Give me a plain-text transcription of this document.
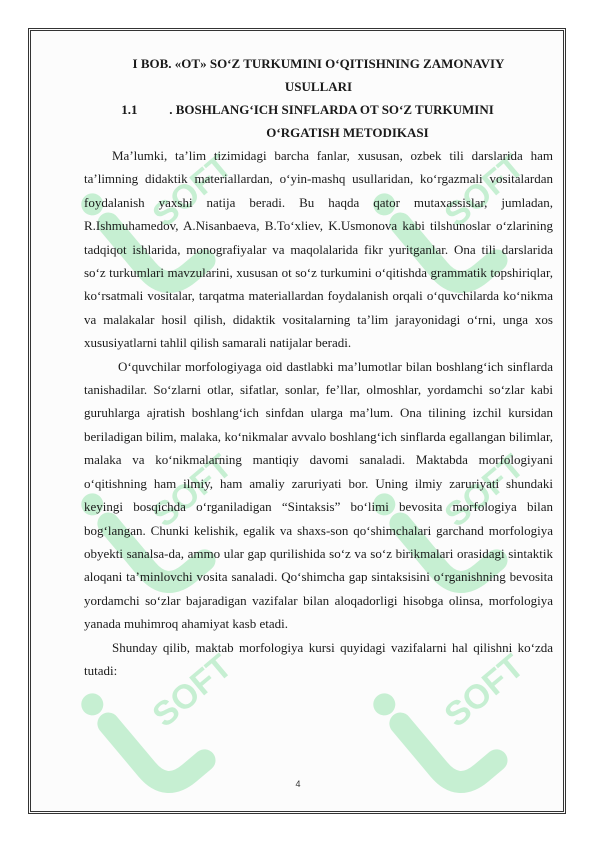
SOFT	SOFT
SOFT	SOFT
SOFT	SOFT
I BOB. «OT» SO‘Z TURKUMINI O‘QITISHNING ZAMONAVIY
USULLARI
1.1 . BOSHLANG‘ICH SINFLARDA OT SO‘Z TURKUMINI
O‘RGATISH METODIKASI

Ma’lumki, ta’lim tizimidagi barcha fanlar, xususan, ozbek tili darslarida ham ta’limning didaktik materiallardan, o‘yin-mashq usullaridan, ko‘rgazmali vositalardan foydalanish yaxshi natija beradi. Bu haqda qator mutaxassislar, jumladan, R.Ishmuhamedov, A.Nisanbaeva, B.To‘xliev, K.Usmonova kabi tilshunoslar o‘zlarining tadqiqot ishlarida, monografiyalar va maqolalarida fikr yuritganlar. Ona tili darslarida so‘z turkumlari mavzularini, xususan ot so‘z turkumini o‘qitishda grammatik topshiriqlar, ko‘rsatmali vositalar, tarqatma materiallardan foydalanish orqali o‘quvchilarda ko‘nikma va malakalar hosil qilish, didaktik vositalarning ta’lim jarayonidagi o‘rni, unga xos xususiyatlarni tahlil qilish samarali natijalar beradi.

O‘quvchilar morfologiyaga oid dastlabki ma’lumotlar bilan boshlang‘ich sinflarda tanishadilar. So‘zlarni otlar, sifatlar, sonlar, fe’llar, olmoshlar, yordamchi so‘zlar kabi guruhlarga ajratish boshlang‘ich sinfdan ularga ma’lum. Ona tilining izchil kursidan beriladigan bilim, malaka, ko‘nikmalar avvalo boshlang‘ich sinflarda egallangan bilimlar, malaka va ko‘nikmalarning mantiqiy davomi sanaladi. Maktabda morfologiyani o‘qitishning ham ilmiy, ham amaliy zaruriyati bor. Uning ilmiy zaruriyati shundaki keyingi bosqichda o‘rganiladigan “Sintaksis” bo‘limi bevosita morfologiya bilan bog‘langan. Chunki kelishik, egalik va shaxs-son qo‘shimchalari garchand morfologiya obyekti sanalsa-da, ammo ular gap qurilishida so‘z va so‘z birikmalari orasidagi sintaktik aloqani ta’minlovchi vosita sanaladi. Qo‘shimcha gap sintaksisini o‘rganishning bevosita yordamchi so‘zlar bajaradigan vazifalar bilan aloqadorligi hisobga olinsa, morfologiya yanada muhimroq ahamiyat kasb etadi.

Shunday qilib, maktab morfologiya kursi quyidagi vazifalarni hal qilishni ko‘zda tutadi:

4
